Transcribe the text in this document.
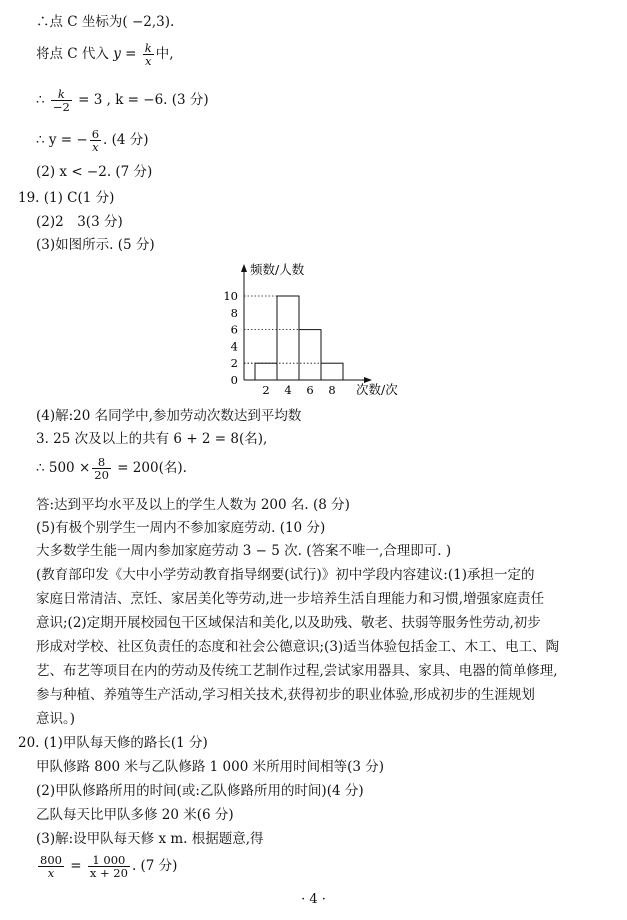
∴点 C 坐标为( −2,3).
将点 C 代入 $y = \frac{k}{x}$ 中,
∴ $\frac{k}{-2} = 3$ , k = −6. (3 分)
∴ y = − $\frac{6}{x}$ . (4 分)
(2) x < −2. (7 分)
19. (1) C(1 分)
(2)2　3(3 分)
(3)如图所示. (5 分)
2
4
6
8
10
0
2 4 6 8
频数/人数
次数/次
(4)解:20 名同学中,参加劳动次数达到平均数
3. 25 次及以上的共有 6 + 2 = 8(名),
∴ $500 \times \frac{8}{20} = 200$(名).
答:达到平均水平及以上的学生人数为 200 名. (8 分)
(5)有极个别学生一周内不参加家庭劳动. (10 分)
大多数学生能一周内参加家庭劳动 3 − 5 次. (答案不唯一,合理即可. )
(教育部印发《大中小学劳动教育指导纲要(试行)》初中学段内容建议:(1)承担一定的
家庭日常清洁、烹饪、家居美化等劳动,进一步培养生活自理能力和习惯,增强家庭责任
意识;(2)定期开展校园包干区域保洁和美化,以及助残、敬老、扶弱等服务性劳动,初步
形成对学校、社区负责任的态度和社会公德意识;(3)适当体验包括金工、木工、电工、陶
艺、布艺等项目在内的劳动及传统工艺制作过程,尝试家用器具、家具、电器的简单修理,
参与种植、养殖等生产活动,学习相关技术,获得初步的职业体验,形成初步的生涯规划
意识。)
20. (1)甲队每天修的路长(1 分)
甲队修路 800 米与乙队修路 1 000 米所用时间相等(3 分)
(2)甲队修路所用的时间(或:乙队修路所用的时间)(4 分)
乙队每天比甲队多修 20 米(6 分)
(3)解:设甲队每天修 x m. 根据题意,得
$\frac{800}{x} = \frac{1 000}{x + 20}$ . (7 分)
· 4 ·
